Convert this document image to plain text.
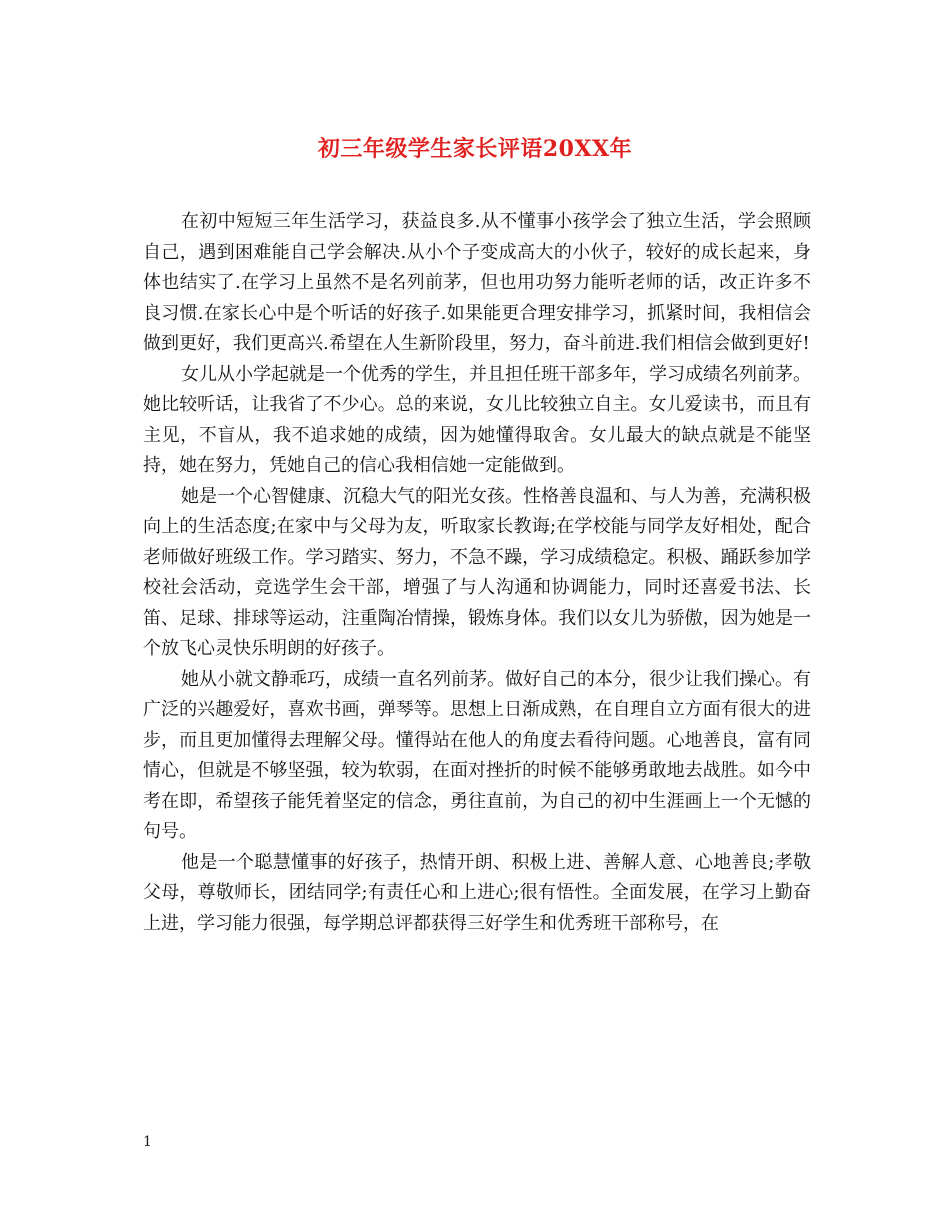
初三年级学生家长评语20XX年

在初中短短三年生活学习，获益良多.从不懂事小孩学会了独立生活，学会照顾自己，遇到困难能自己学会解决.从小个子变成高大的小伙子，较好的成长起来，身体也结实了.在学习上虽然不是名列前茅，但也用功努力能听老师的话，改正许多不良习惯.在家长心中是个听话的好孩子.如果能更合理安排学习，抓紧时间，我相信会做到更好，我们更高兴.希望在人生新阶段里，努力，奋斗前进.我们相信会做到更好!

女儿从小学起就是一个优秀的学生，并且担任班干部多年，学习成绩名列前茅。她比较听话，让我省了不少心。总的来说，女儿比较独立自主。女儿爱读书，而且有主见，不盲从，我不追求她的成绩，因为她懂得取舍。女儿最大的缺点就是不能坚持，她在努力，凭她自己的信心我相信她一定能做到。

她是一个心智健康、沉稳大气的阳光女孩。性格善良温和、与人为善，充满积极向上的生活态度;在家中与父母为友，听取家长教诲;在学校能与同学友好相处，配合老师做好班级工作。学习踏实、努力，不急不躁，学习成绩稳定。积极、踊跃参加学校社会活动，竞选学生会干部，增强了与人沟通和协调能力，同时还喜爱书法、长笛、足球、排球等运动，注重陶冶情操，锻炼身体。我们以女儿为骄傲，因为她是一个放飞心灵快乐明朗的好孩子。

她从小就文静乖巧，成绩一直名列前茅。做好自己的本分，很少让我们操心。有广泛的兴趣爱好，喜欢书画，弹琴等。思想上日渐成熟，在自理自立方面有很大的进步，而且更加懂得去理解父母。懂得站在他人的角度去看待问题。心地善良，富有同情心，但就是不够坚强，较为软弱，在面对挫折的时候不能够勇敢地去战胜。如今中考在即，希望孩子能凭着坚定的信念，勇往直前，为自己的初中生涯画上一个无憾的句号。

他是一个聪慧懂事的好孩子，热情开朗、积极上进、善解人意、心地善良;孝敬父母，尊敬师长，团结同学;有责任心和上进心;很有悟性。全面发展，在学习上勤奋上进，学习能力很强，每学期总评都获得三好学生和优秀班干部称号，在

1
